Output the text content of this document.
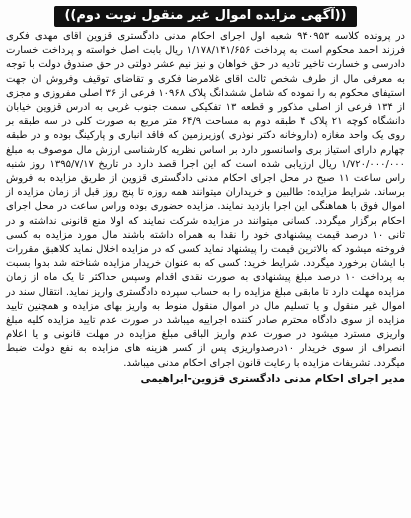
((آگهی مزایده اموال غیر منقول نوبت دوم))

در پرونده کلاسه ۹۴۰۹۵۳ شعبه اول اجرای احکام مدنی دادگستری قزوین اقای مهدی فکری فرزند احمد محکوم است به پرداخت ۱/۱۷۸/۱۴۱/۶۵۶ ریال بابت اصل خواسته و پرداخت خسارت دادرسی و خسارت تاخیر تادیه در حق خواهان و نیز نیم عشر دولتی در حق صندوق دولت با توجه به معرفی مال از طرف شخص ثالث اقای غلامرضا فکری و تقاضای توقیف وفروش ان جهت استیفای محکوم به را نموده که شامل ششدانگ پلاک ۱۰۹۶۸ فرعی از ۳۶ اصلی مفروزی و مجزی از ۱۳۴ فرعی از اصلی مذکور و قطعه ۱۳ تفکیکی سمت جنوب غربی به ادرس قزوین خیابان دانشگاه کوچه ۲۱ پلاک ۴ طبقه دوم به مساحت ۶۴/۹ متر مربع به صورت کلی در سه طبقه بر روی یک واحد مغازه (داروخانه دکتر نوذری )وزیرزمین که فاقد انباری و پارکینگ بوده و در طبقه چهارم دارای استیاز بری واسانسور دارد بر اساس نظریه کارشناسی ارزش مال موصوف به مبلغ ۱/۷۲۰/۰۰۰/۰۰۰ ریال ارزیابی شده است که این اجرا قصد دارد در تاریخ ۱۳۹۵/۷/۱۷ روز شنبه راس ساعت ۱۱ صبح در محل اجرای احکام مدنی دادگستری قزوین از طریق مزایده به فروش برساند. شرایط مزایده: طالبین و خریداران میتوانند همه روزه تا پنج روز قبل از زمان مزایده از اموال فوق با هماهنگی این اجرا بازدید نمایند. مزایده حضوری بوده وراس ساعت در محل اجرای احکام برگزار میگردد. کسانی میتوانند در مزایده شرکت نمایند که اولا منع قانونی نداشته و در ثانی ۱۰ درصد قیمت پیشنهادی خود را نقدا به همراه داشته باشند مال مورد مزایده به کسی فروخته میشود که بالاترین قیمت را پیشنهاد نماید کسی که در مزایده اخلال نماید کلاهبق مقررات با ایشان برخورد میگردد. شرایط خرید: کسی که به عنوان خریدار مزایده شناخته شد بدوا بسبت به پرداخت ۱۰ درصد مبلغ پیشنهادی به صورت نقدی اقدام وسپس حداکثر تا یک ماه از زمان مزایده مهلت دارد تا مابقی مبلغ مزایده را به حساب سپرده دادگستری واریز نماید. انتقال سند در اموال غیر منقول و یا تسلیم مال در اموال منقول منوط به واریز بهای مزایده و همچنین تایید مزایده از سوی دادگاه محترم صادر کننده اجراییه میباشد در صورت عدم تایید مزایده کلیه مبلغ واریزی مسترد میشود در صورت عدم واریز الباقی مبلغ مزایده در مهلت قانونی و یا اعلام انصراف از سوی خریدار ۱۰درصدواریزی پس از کسر هزینه های مزایده به نفع دولت ضبط میگردد. تشریفات مزایده با رعایت قانون اجرای احکام مدنی میباشد.

مدیر اجرای احکام مدنی دادگستری قزوین-ابراهیمی
